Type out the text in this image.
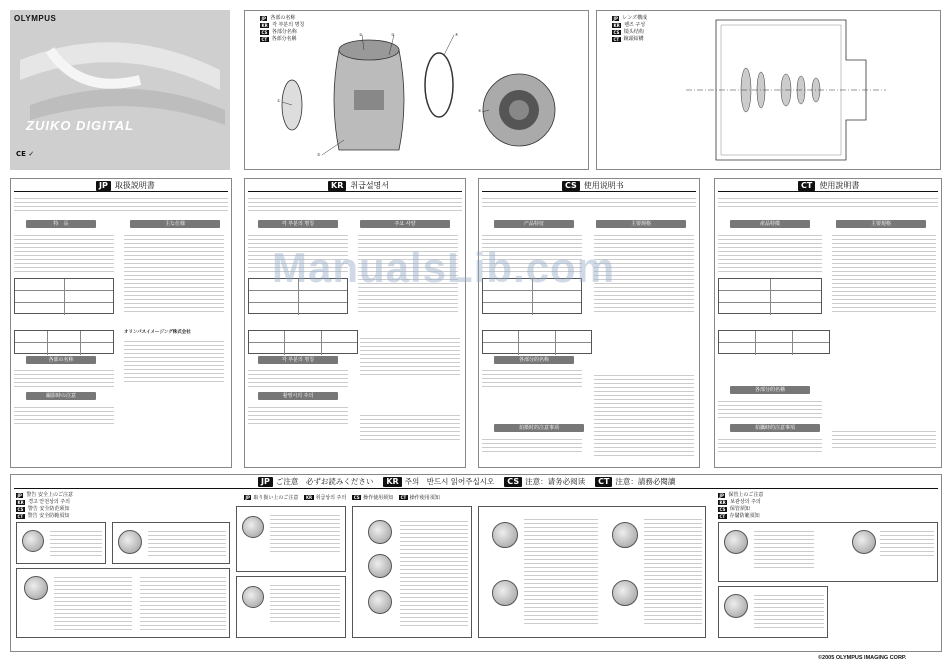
OLYMPUS
ZUIKO DIGITAL
CE ✓
JP 各部の名称
KR 각 부분의 명칭
CS 各部分名称
CT 各部分名稱
①
②	③	④
⑤
⑥
JP レンズ構成
KR 렌즈 구성
CS 镜头结构
CT 鏡頭結構
JP 取扱説明書
特　長	主な仕様
オリンパスイメージング株式会社
各部の名称
撮影時の注意
KR 취급설명서
각 부분의 명칭	주요 사양
각 부분의 명칭
촬영시의 주의
CS 使用说明书
产品特征	主要规格
各部分的名称
拍摄时的注意事项
CT 使用說明書
產品特徵	主要規格
各部分的名稱
拍攝時的注意事項
ManualsLib.com
JP ご注意　必ずお読みください	KR 주의　반드시 읽어주십시오	CS 注意：请务必阅读	CT 注意：請務必閱讀
JP 警告 安全上のご注意
KR 경고 안전상의 주의
CS 警告 安全防范须知
CT 警告 安全防範須知
JP 取り扱い上のご注意	KR 취급상의 주의	CS 操作使用须知	CT 操作使用須知	JP 保管上のご注意
KR 보관상의 주의
CS 保管须知
CT 存儲防範須知
©2005 OLYMPUS IMAGING CORP.
